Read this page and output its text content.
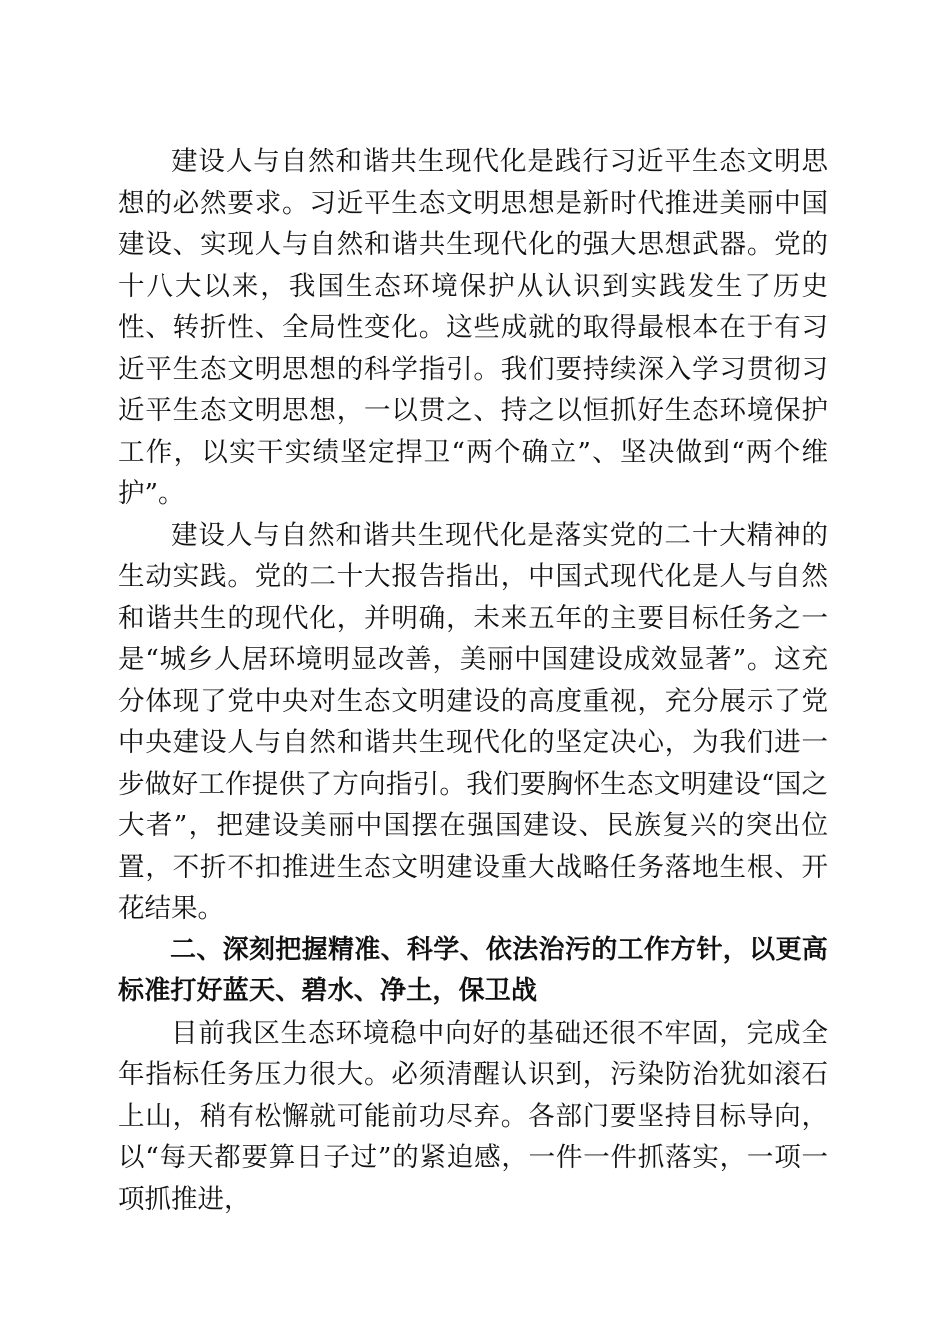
建设人与自然和谐共生现代化是践行习近平生态文明思想的必然要求。习近平生态文明思想是新时代推进美丽中国建设、实现人与自然和谐共生现代化的强大思想武器。党的十八大以来，我国生态环境保护从认识到实践发生了历史性、转折性、全局性变化。这些成就的取得最根本在于有习近平生态文明思想的科学指引。我们要持续深入学习贯彻习近平生态文明思想，一以贯之、持之以恒抓好生态环境保护工作，以实干实绩坚定捍卫“两个确立”、坚决做到“两个维护”。

建设人与自然和谐共生现代化是落实党的二十大精神的生动实践。党的二十大报告指出，中国式现代化是人与自然和谐共生的现代化，并明确，未来五年的主要目标任务之一是“城乡人居环境明显改善，美丽中国建设成效显著”。这充分体现了党中央对生态文明建设的高度重视，充分展示了党中央建设人与自然和谐共生现代化的坚定决心，为我们进一步做好工作提供了方向指引。我们要胸怀生态文明建设“国之大者”，把建设美丽中国摆在强国建设、民族复兴的突出位置，不折不扣推进生态文明建设重大战略任务落地生根、开花结果。

二、深刻把握精准、科学、依法治污的工作方针，以更高标准打好蓝天、碧水、净土，保卫战

目前我区生态环境稳中向好的基础还很不牢固，完成全年指标任务压力很大。必须清醒认识到，污染防治犹如滚石上山，稍有松懈就可能前功尽弃。各部门要坚持目标导向，以“每天都要算日子过”的紧迫感，一件一件抓落实，一项一项抓推进，
